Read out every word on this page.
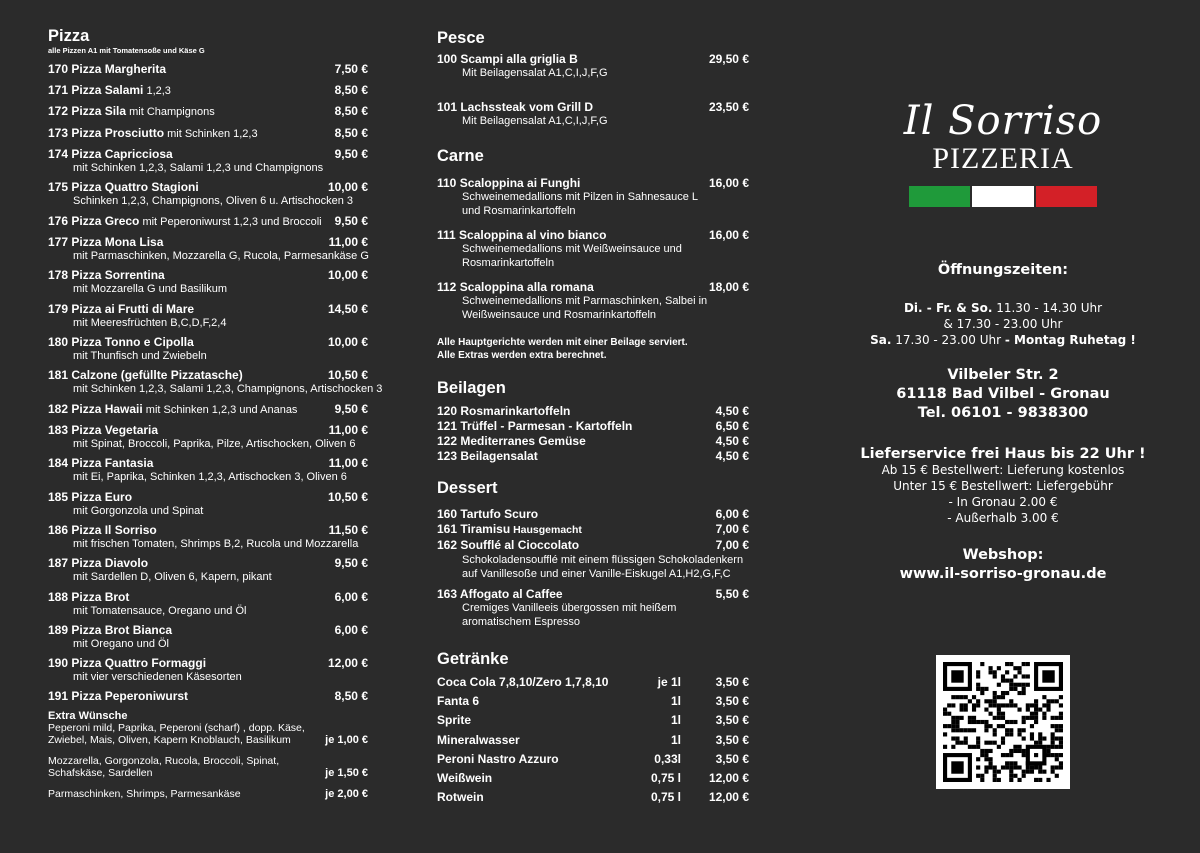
Pizza
alle Pizzen A1 mit Tomatensoße und Käse G
170 Pizza Margherita	7,50 €
171 Pizza Salami 1,2,3	8,50 €
172 Pizza Sila mit Champignons	8,50 €
173 Pizza Prosciutto mit Schinken 1,2,3	8,50 €
174 Pizza Capricciosa	9,50 €
mit Schinken 1,2,3, Salami 1,2,3 und Champignons
175 Pizza Quattro Stagioni	10,00 €
Schinken 1,2,3, Champignons, Oliven 6 u. Artischocken 3
176 Pizza Greco mit Peperoniwurst 1,2,3 und Broccoli	9,50 €
177 Pizza Mona Lisa	11,00 €
mit Parmaschinken, Mozzarella G, Rucola, Parmesankäse G
178 Pizza Sorrentina	10,00 €
mit Mozzarella G und Basilikum
179 Pizza ai Frutti di Mare	14,50 €
mit Meeresfrüchten B,C,D,F,2,4
180 Pizza Tonno e Cipolla	10,00 €
mit Thunfisch und Zwiebeln
181 Calzone (gefüllte Pizzatasche)	10,50 €
mit Schinken 1,2,3, Salami 1,2,3, Champignons, Artischocken 3
182 Pizza Hawaii mit Schinken 1,2,3 und Ananas	9,50 €
183 Pizza Vegetaria	11,00 €
mit Spinat, Broccoli, Paprika, Pilze, Artischocken, Oliven 6
184 Pizza Fantasia	11,00 €
mit Ei, Paprika, Schinken 1,2,3, Artischocken 3, Oliven 6
185 Pizza Euro	10,50 €
mit Gorgonzola und Spinat
186 Pizza Il Sorriso	11,50 €
mit frischen Tomaten, Shrimps B,2, Rucola und Mozzarella
187 Pizza Diavolo	9,50 €
mit Sardellen D, Oliven 6, Kapern, pikant
188 Pizza Brot	6,00 €
mit Tomatensauce, Oregano und Öl
189 Pizza Brot Bianca	6,00 €
mit Oregano und Öl
190 Pizza Quattro Formaggi	12,00 €
mit vier verschiedenen Käsesorten
191 Pizza Peperoniwurst	8,50 €
Extra Wünsche
Peperoni mild, Paprika, Peperoni (scharf) , dopp. Käse, Zwiebel, Mais, Oliven, Kapern Knoblauch, Basilikum	je 1,00 €
Mozzarella, Gorgonzola, Rucola, Broccoli, Spinat, Schafskäse, Sardellen	je 1,50 €
Parmaschinken, Shrimps, Parmesankäse	je 2,00 €
Pesce
100 Scampi alla griglia B	29,50 €
Mit Beilagensalat A1,C,I,J,F,G
101 Lachssteak vom Grill D	23,50 €
Mit Beilagensalat A1,C,I,J,F,G
Carne
110 Scaloppina ai Funghi	16,00 €
Schweinemedallions mit Pilzen in Sahnesauce L
und Rosmarinkartoffeln
111 Scaloppina al vino bianco	16,00 €
Schweinemedallions mit Weißweinsauce und
Rosmarinkartoffeln
112 Scaloppina alla romana	18,00 €
Schweinemedallions mit Parmaschinken, Salbei in
Weißweinsauce und Rosmarinkartoffeln
Alle Hauptgerichte werden mit einer Beilage serviert.
Alle Extras werden extra berechnet.
Beilagen
120 Rosmarinkartoffeln	4,50 €
121 Trüffel - Parmesan - Kartoffeln	6,50 €
122 Mediterranes Gemüse	4,50 €
123 Beilagensalat	4,50 €
Dessert
160 Tartufo Scuro	6,00 €
161 Tiramisu Hausgemacht	7,00 €
162 Soufflé al Cioccolato	7,00 €
Schokoladensoufflé mit einem flüssigen Schokoladenkern
auf Vanillesoße und einer Vanille-Eiskugel A1,H2,G,F,C
163 Affogato al Caffee	5,50 €
Cremiges Vanilleeis übergossen mit heißem
aromatischem Espresso
Getränke
Coca Cola 7,8,10/Zero 1,7,8,10	je 1l	3,50 €
Fanta 6	1l	3,50 €
Sprite	1l	3,50 €
Mineralwasser	1l	3,50 €
Peroni Nastro Azzuro	0,33l	3,50 €
Weißwein	0,75 l	12,00 €
Rotwein	0,75 l	12,00 €
Il Sorriso
PIZZERIA
Öffnungszeiten:
Di. - Fr. & So. 11.30 - 14.30 Uhr
& 17.30 - 23.00 Uhr
Sa. 17.30 - 23.00 Uhr - Montag Ruhetag !
Vilbeler Str. 2
61118 Bad Vilbel - Gronau
Tel. 06101 - 9838300
Lieferservice frei Haus bis 22 Uhr !
Ab 15 € Bestellwert: Lieferung kostenlos
Unter 15 € Bestellwert: Liefergebühr
- In Gronau 2.00 €
- Außerhalb 3.00 €
Webshop:
www.il-sorriso-gronau.de
